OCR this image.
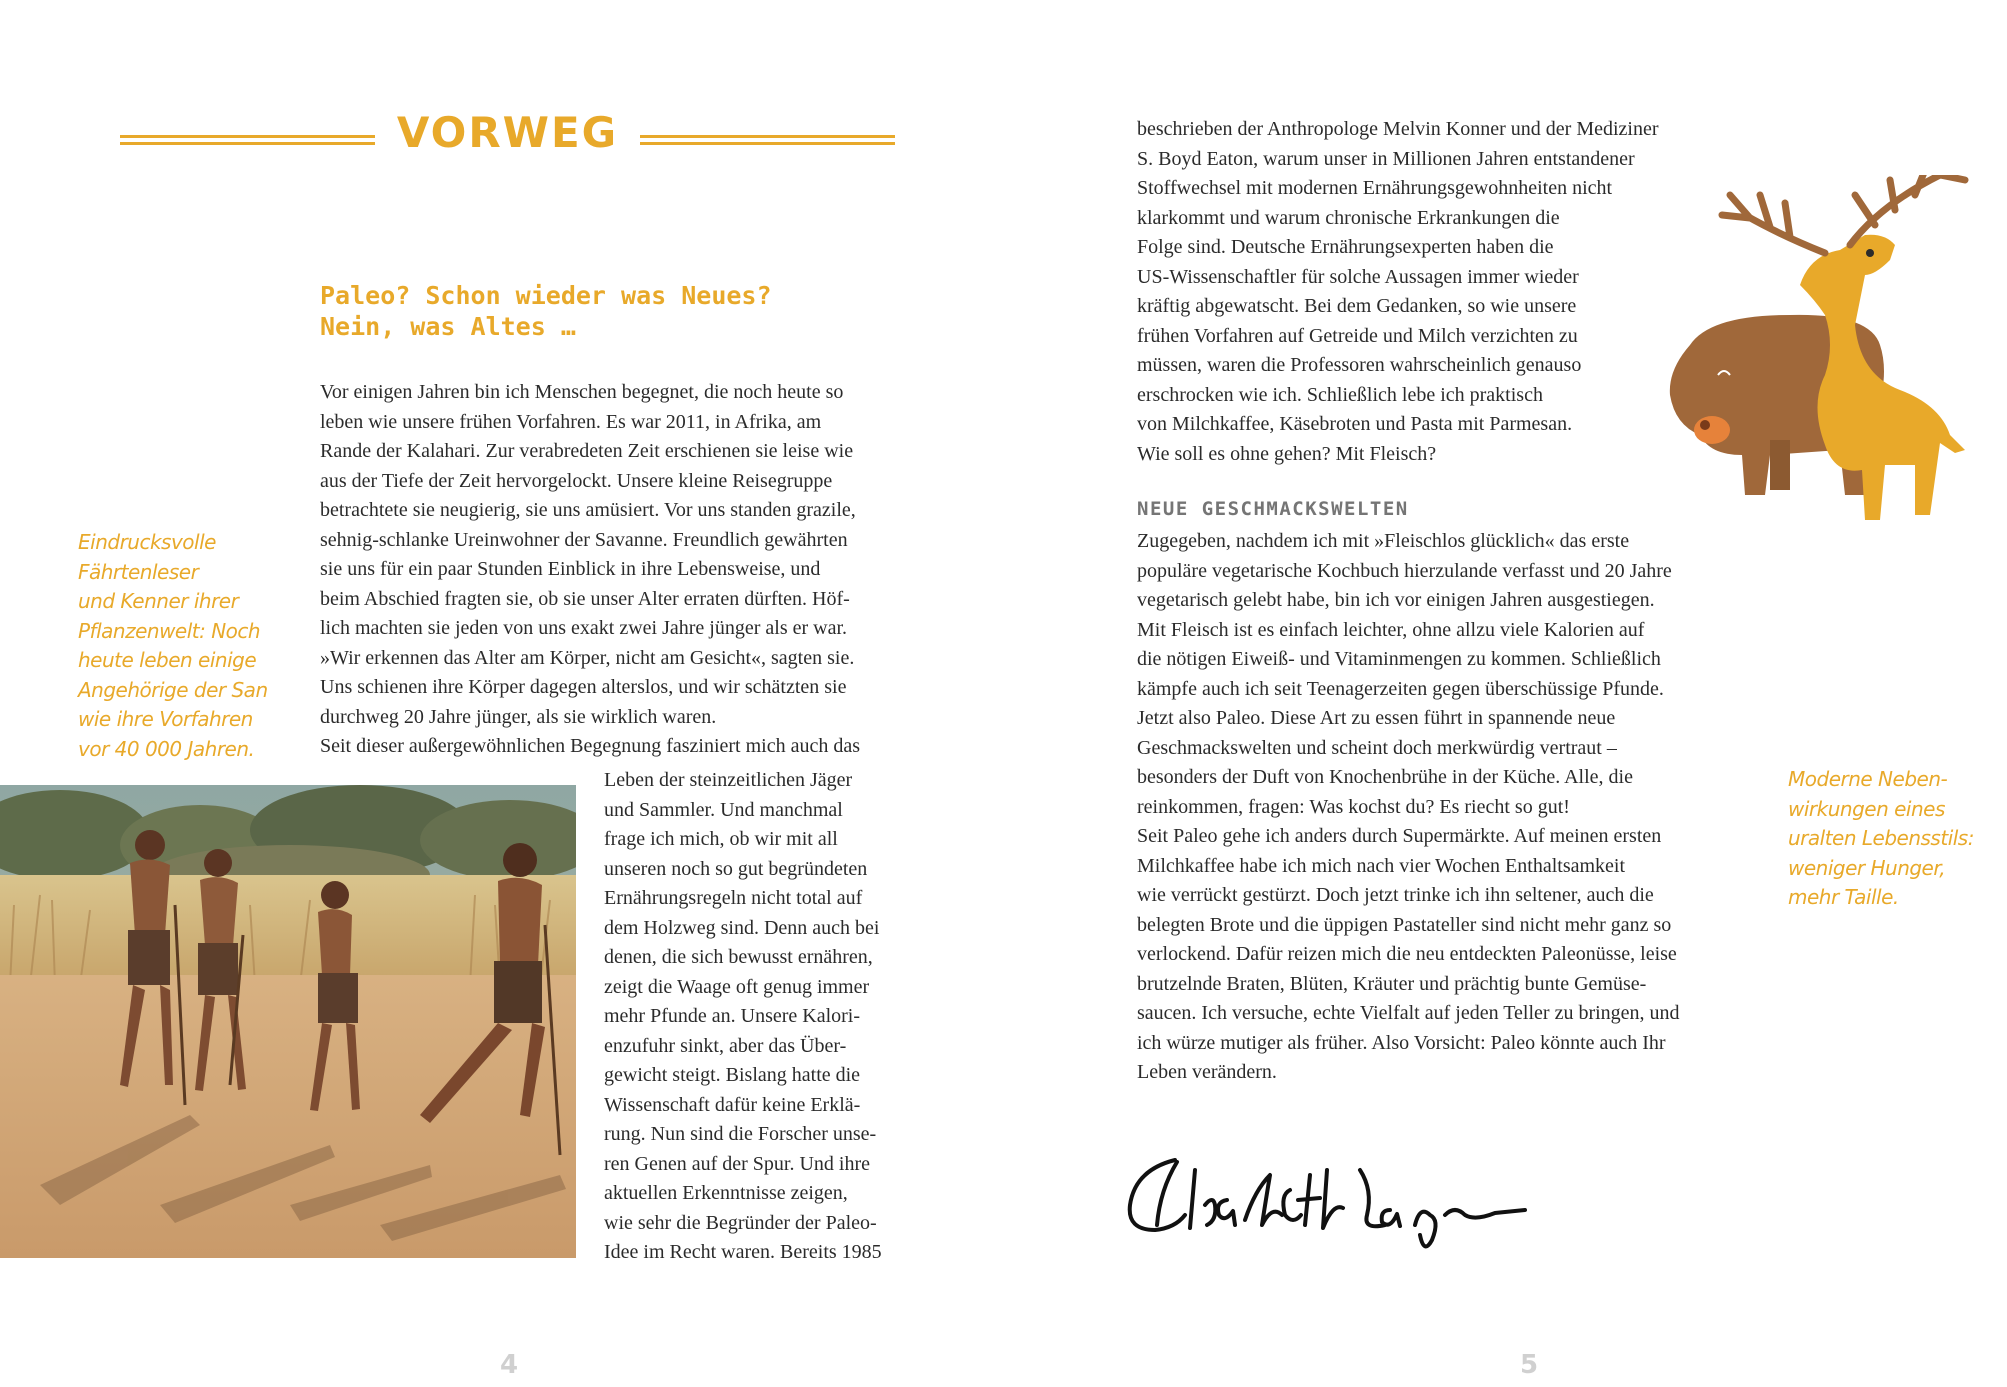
VORWEG
Paleo? Schon wieder was Neues?
Nein, was Altes …
Vor einigen Jahren bin ich Menschen begegnet, die noch heute so
leben wie unsere frühen Vorfahren. Es war 2011, in Afrika, am
Rande der Kalahari. Zur verabredeten Zeit erschienen sie leise wie
aus der Tiefe der Zeit hervorgelockt. Unsere kleine Reisegruppe
betrachtete sie neugierig, sie uns amüsiert. Vor uns standen grazile,
sehnig-schlanke Ureinwohner der Savanne. Freundlich gewährten
sie uns für ein paar Stunden Einblick in ihre Lebensweise, und
beim Abschied fragten sie, ob sie unser Alter erraten dürften. Höf-
lich machten sie jeden von uns exakt zwei Jahre jünger als er war.
»Wir erkennen das Alter am Körper, nicht am Gesicht«, sagten sie.
Uns schienen ihre Körper dagegen alterslos, und wir schätzten sie
durchweg 20 Jahre jünger, als sie wirklich waren.
Seit dieser außergewöhnlichen Begegnung fasziniert mich auch das
Eindrucksvolle
Fährtenleser
und Kenner ihrer
Pflanzenwelt: Noch
heute leben einige
Angehörige der San
wie ihre Vorfahren
vor 40 000 Jahren.
Leben der steinzeitlichen Jäger
und Sammler. Und manchmal
frage ich mich, ob wir mit all
unseren noch so gut begründeten
Ernährungsregeln nicht total auf
dem Holzweg sind. Denn auch bei
denen, die sich bewusst ernähren,
zeigt die Waage oft genug immer
mehr Pfunde an. Unsere Kalori-
enzufuhr sinkt, aber das Über-
gewicht steigt. Bislang hatte die
Wissenschaft dafür keine Erklä-
rung. Nun sind die Forscher unse-
ren Genen auf der Spur. Und ihre
aktuellen Erkenntnisse zeigen,
wie sehr die Begründer der Paleo-
Idee im Recht waren. Bereits 1985
4
beschrieben der Anthropologe Melvin Konner und der Mediziner
S. Boyd Eaton, warum unser in Millionen Jahren entstandener
Stoffwechsel mit modernen Ernährungsgewohnheiten nicht
klarkommt und warum chronische Erkrankungen die
Folge sind. Deutsche Ernährungsexperten haben die
US-Wissenschaftler für solche Aussagen immer wieder
kräftig abgewatscht. Bei dem Gedanken, so wie unsere
frühen Vorfahren auf Getreide und Milch verzichten zu
müssen, waren die Professoren wahrscheinlich genauso
erschrocken wie ich. Schließlich lebe ich praktisch
von Milchkaffee, Käsebroten und Pasta mit Parmesan.
Wie soll es ohne gehen? Mit Fleisch?
NEUE GESCHMACKSWELTEN
Zugegeben, nachdem ich mit »Fleischlos glücklich« das erste
populäre vegetarische Kochbuch hierzulande verfasst und 20 Jahre
vegetarisch gelebt habe, bin ich vor einigen Jahren ausgestiegen.
Mit Fleisch ist es einfach leichter, ohne allzu viele Kalorien auf
die nötigen Eiweiß- und Vitaminmengen zu kommen. Schließlich
kämpfe auch ich seit Teenagerzeiten gegen überschüssige Pfunde.
Jetzt also Paleo. Diese Art zu essen führt in spannende neue
Geschmackswelten und scheint doch merkwürdig vertraut –
besonders der Duft von Knochenbrühe in der Küche. Alle, die
reinkommen, fragen: Was kochst du? Es riecht so gut!
Seit Paleo gehe ich anders durch Supermärkte. Auf meinen ersten
Milchkaffee habe ich mich nach vier Wochen Enthaltsamkeit
wie verrückt gestürzt. Doch jetzt trinke ich ihn seltener, auch die
belegten Brote und die üppigen Pastateller sind nicht mehr ganz so
verlockend. Dafür reizen mich die neu entdeckten Paleonüsse, leise
brutzelnde Braten, Blüten, Kräuter und prächtig bunte Gemüse-
saucen. Ich versuche, echte Vielfalt auf jeden Teller zu bringen, und
ich würze mutiger als früher. Also Vorsicht: Paleo könnte auch Ihr
Leben verändern.
Moderne Neben-
wirkungen eines
uralten Lebensstils:
weniger Hunger,
mehr Taille.
5
